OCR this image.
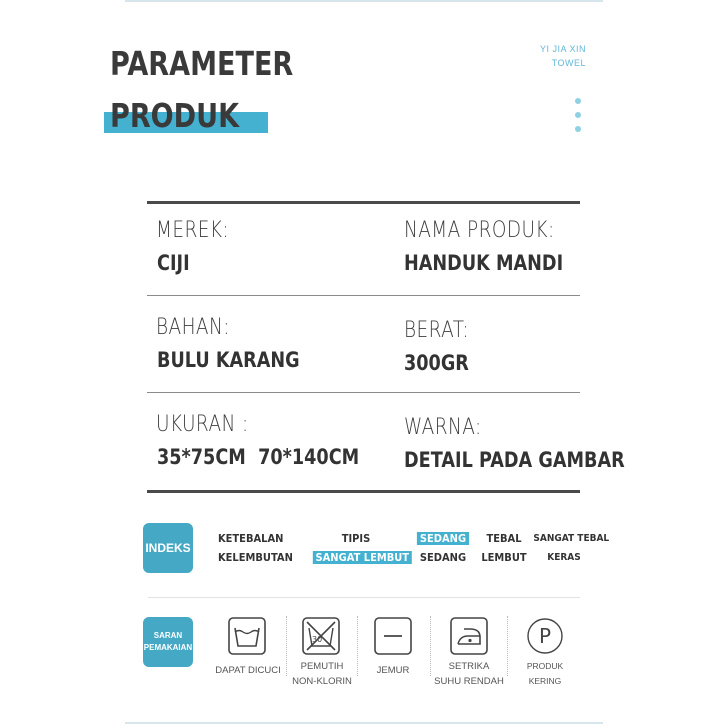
PARAMETER
PRODUK
YI JIA XIN
TOWEL
MEREK:
CIJI
NAMA PRODUK:
HANDUK MANDI
BAHAN:
BULU KARANG
BERAT:
300GR
UKURAN :
35*75CM  70*140CM
WARNA:
DETAIL PADA GAMBAR
INDEKS
KETEBALAN
KELEMBUTAN
TIPIS
SANGAT LEMBUT
SEDANG
SEDANG
TEBAL
LEMBUT
SANGAT TEBAL
KERAS
SARAN
PEMAKAIAN
DAPAT DICUCI
30
PEMUTIH
NON-KLORIN
JEMUR	SETRIKA
SUHU RENDAH
P
PRODUK
KERING
